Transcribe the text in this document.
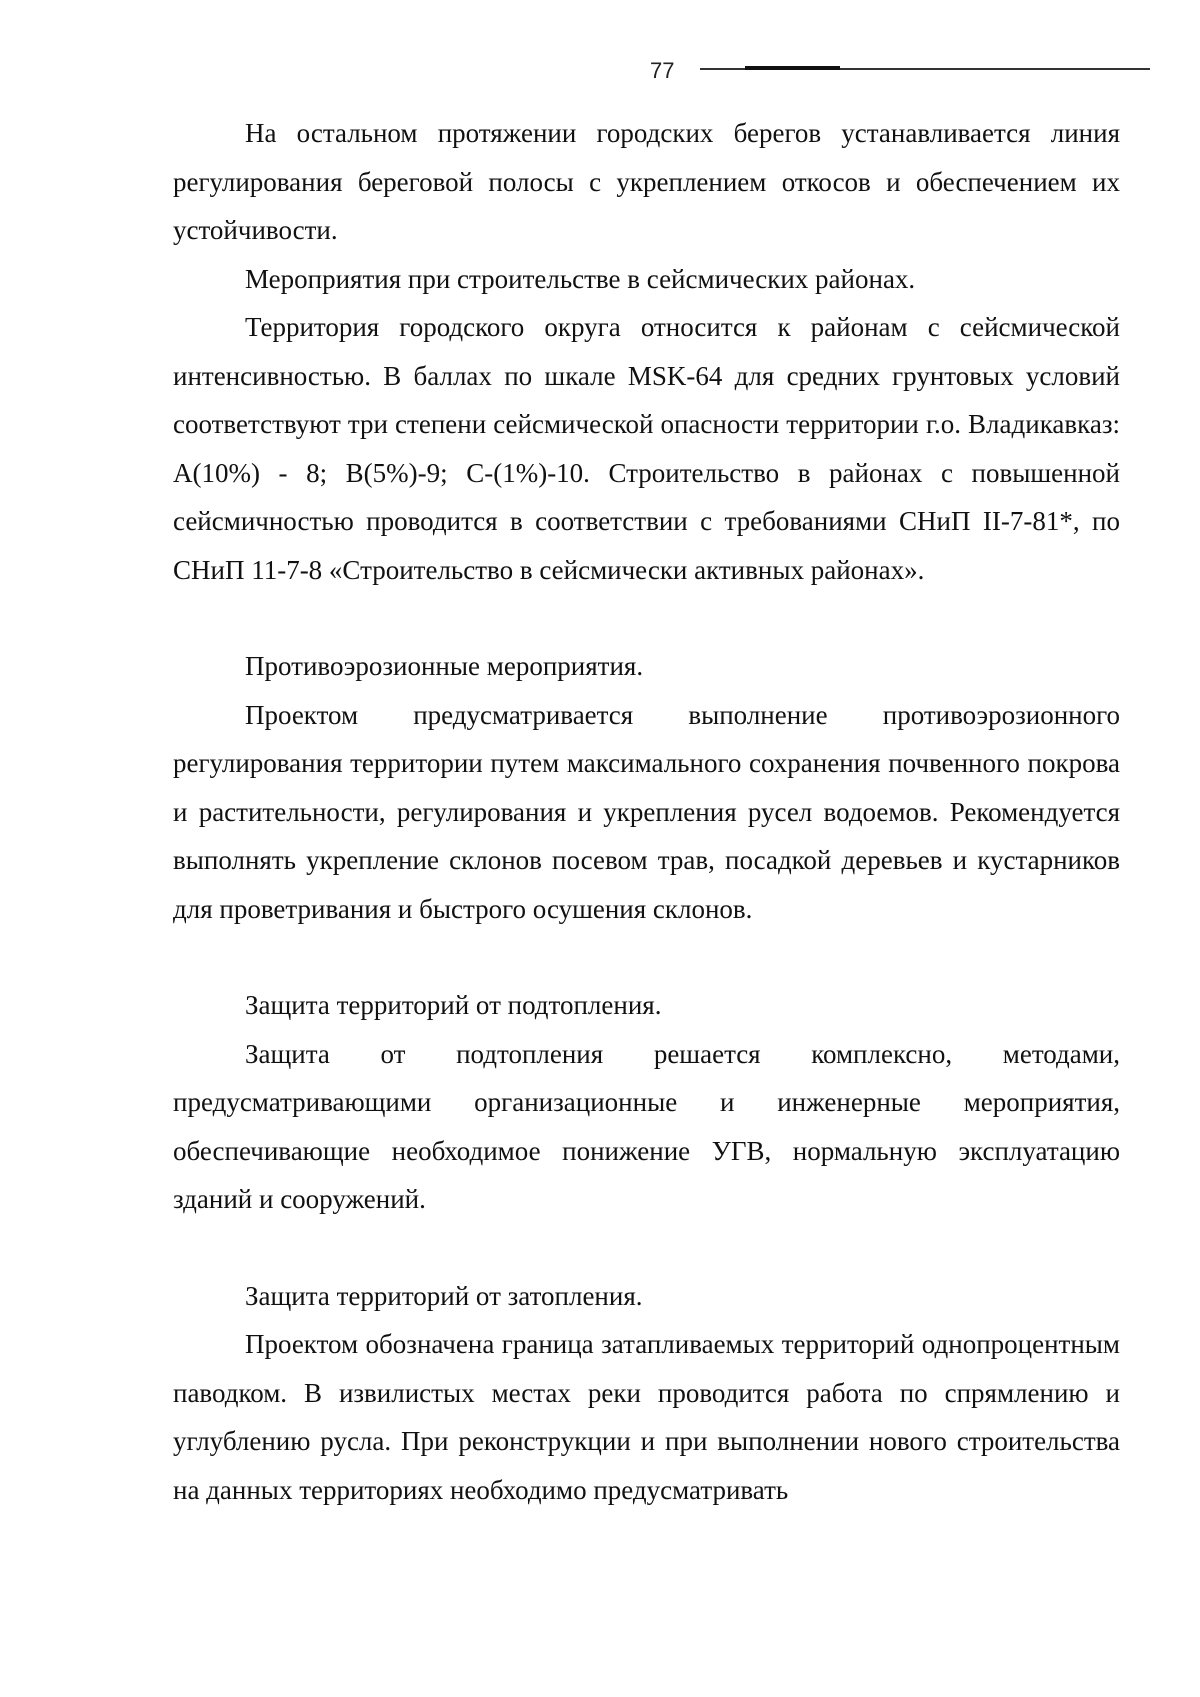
77

На остальном протяжении городских берегов устанавливается линия регулирования береговой полосы с укреплением откосов и обеспечением их устойчивости.

Мероприятия при строительстве в сейсмических районах.

Территория городского округа относится к районам с сейсмической интенсивностью. В баллах по шкале MSK-64 для средних грунтовых условий соответствуют три степени сейсмической опасности территории г.о. Владикавказ: А(10%) - 8; В(5%)-9; С-(1%)-10. Строительство в районах с повышенной сейсмичностью проводится в соответствии с требованиями СНиП II-7-81*, по СНиП 11-7-8 «Строительство в сейсмически активных районах».

Противоэрозионные мероприятия.

Проектом предусматривается выполнение противоэрозионного регулирования территории путем максимального сохранения почвенного покрова и растительности, регулирования и укрепления русел водоемов. Рекомендуется выполнять укрепление склонов посевом трав, посадкой деревьев и кустарников для проветривания и быстрого осушения склонов.

Защита территорий от подтопления.

Защита от подтопления решается комплексно, методами, предусматривающими организационные и инженерные мероприятия, обеспечивающие необходимое понижение УГВ, нормальную эксплуатацию зданий и сооружений.

Защита территорий от затопления.

Проектом обозначена граница затапливаемых территорий однопроцентным паводком. В извилистых местах реки проводится работа по спрямлению и углублению русла. При реконструкции и при выполнении нового строительства на данных территориях необходимо предусматривать
